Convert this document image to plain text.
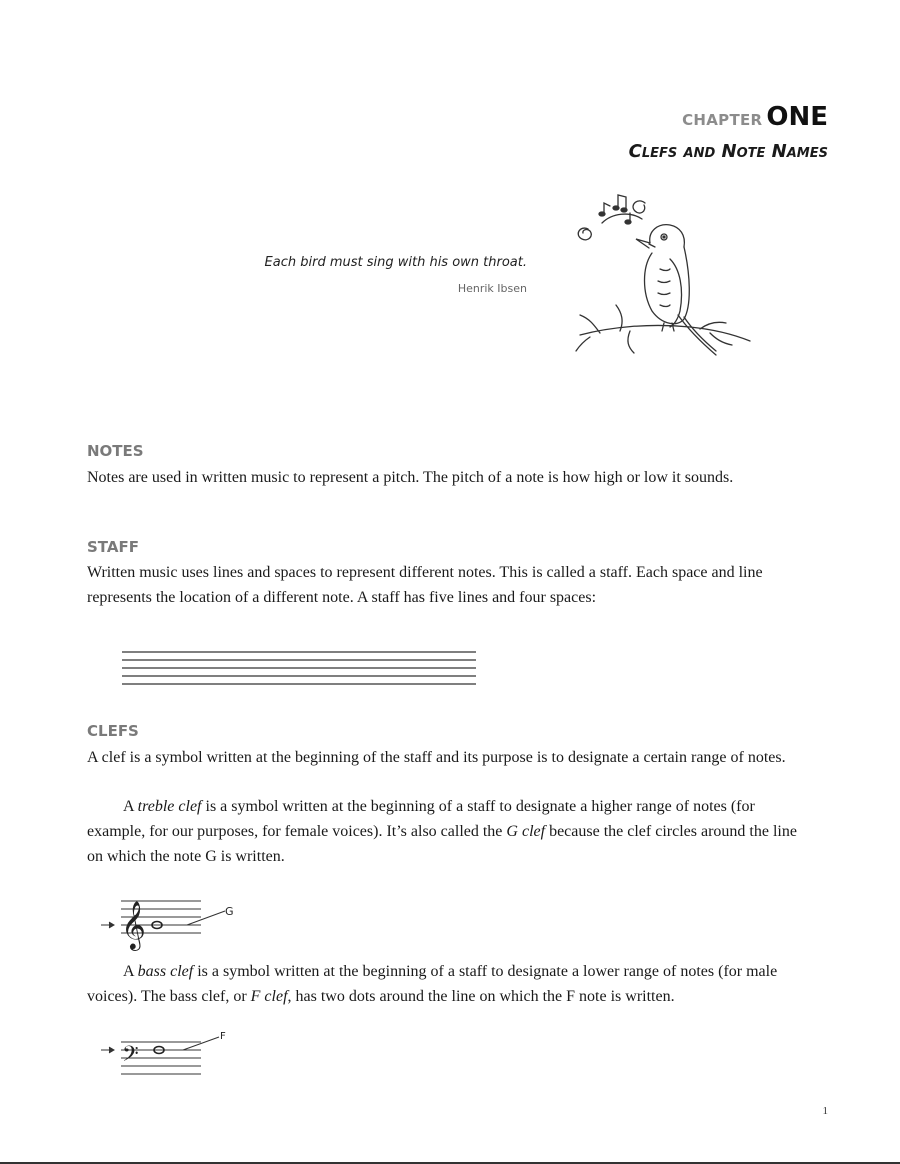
CHAPTER ONE
Clefs and Note Names
Each bird must sing with his own throat.
Henrik Ibsen
NOTES
Notes are used in written music to represent a pitch. The pitch of a note is how high or low it sounds.
STAFF
Written music uses lines and spaces to represent different notes. This is called a staff. Each space and line represents the location of a different note. A staff has five lines and four spaces:
CLEFS
A clef is a symbol written at the beginning of the staff and its purpose is to designate a certain range of notes.
A treble clef is a symbol written at the beginning of a staff to designate a higher range of notes (for example, for our purposes, for female voices). It’s also called the G clef because the clef circles around the line on which the note G is written.
𝄞	G
A bass clef is a symbol written at the beginning of a staff to designate a lower range of notes (for male voices). The bass clef, or F clef, has two dots around the line on which the F note is written.
𝄢
F
1
